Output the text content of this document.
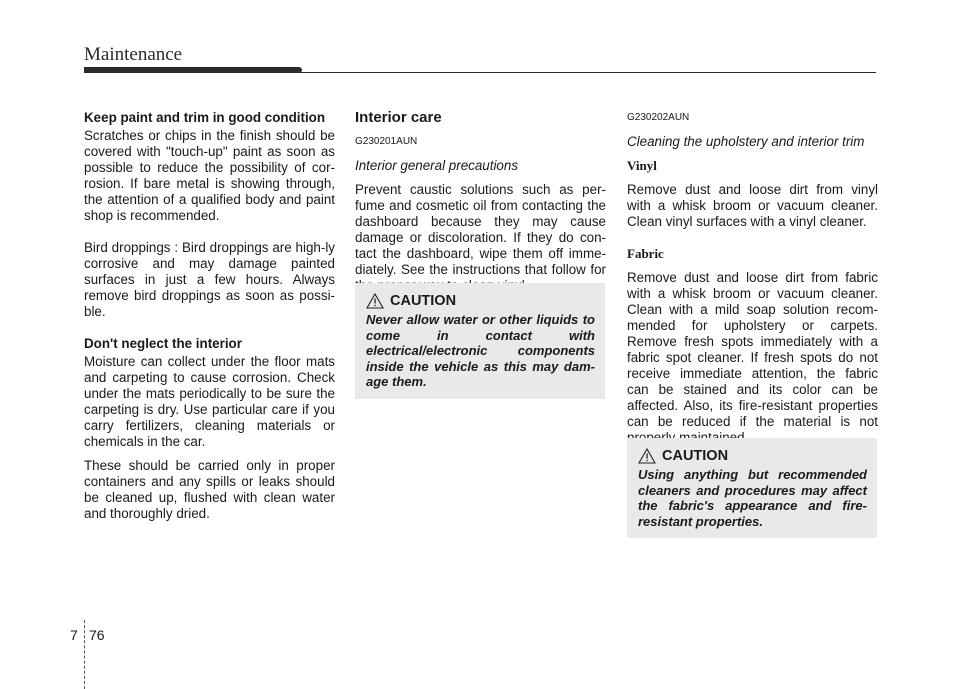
Maintenance

Keep paint and trim in good condition

Scratches or chips in the finish should be covered with "touch-up" paint as soon as possible to reduce the possibility of cor-rosion. If bare metal is showing through, the attention of a qualified body and paint shop is recommended.

Bird droppings : Bird droppings are high-ly corrosive and may damage painted surfaces in just a few hours. Always remove bird droppings as soon as possi-ble.

Don't neglect the interior

Moisture can collect under the floor mats and carpeting to cause corrosion. Check under the mats periodically to be sure the carpeting is dry. Use particular care if you carry fertilizers, cleaning materials or chemicals in the car.

These should be carried only in proper containers and any spills or leaks should be cleaned up, flushed with clean water and thoroughly dried.

Interior care

G230201AUN

Interior general precautions

Prevent caustic solutions such as per-fume and cosmetic oil from contacting the dashboard because they may cause damage or discoloration. If they do con-tact the dashboard, wipe them off imme-diately. See the instructions that follow for

CAUTION

Never allow water or other liquids to come in contact with electrical/electronic components inside the vehicle as this may dam-age them.

G230202AUN

Cleaning the upholstery and interior trim

Vinyl

Remove dust and loose dirt from vinyl with a whisk broom or vacuum cleaner. Clean vinyl surfaces with a vinyl cleaner.

Fabric

Remove dust and loose dirt from fabric with a whisk broom or vacuum cleaner. Clean with a mild soap solution recom-mended for upholstery or carpets. Remove fresh spots immediately with a fabric spot cleaner. If fresh spots do not receive immediate attention, the fabric can be stained and its color can be affected. Also, its fire-resistant properties can be reduced if the material is not

CAUTION

Using anything but recommended cleaners and procedures may affect the fabric's appearance and fire-resistant properties.

7 76
